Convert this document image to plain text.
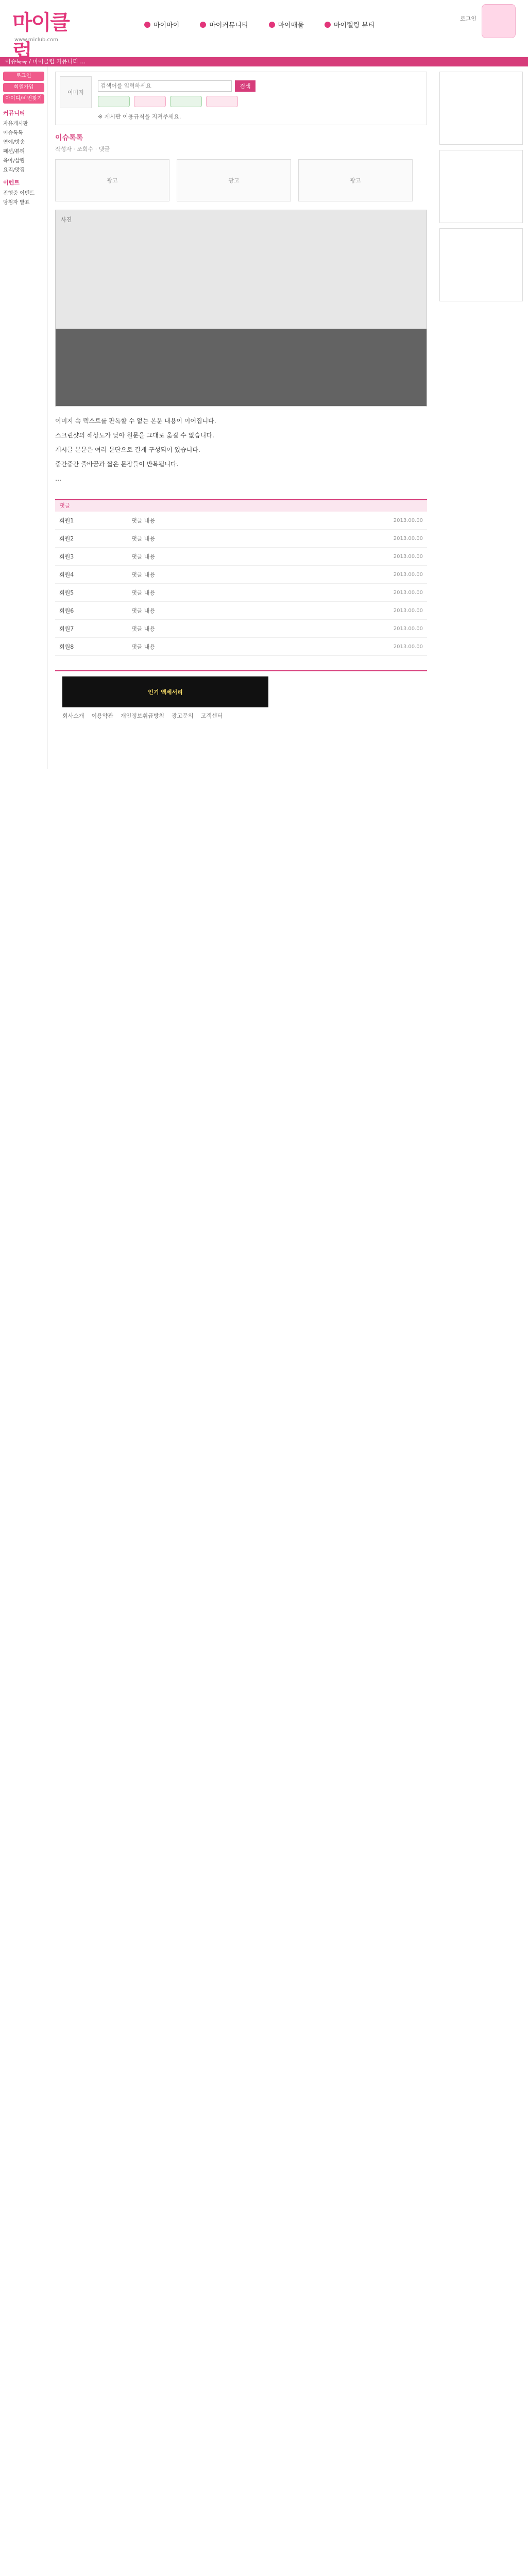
마이클럽
www.miclub.com
마이마이	마이커뮤니티	마이매물	마이텔링 뷰티
로그인
이슈톡톡 / 마이클럽 커뮤니티 …
로그인
회원가입
아이디/비번찾기
커뮤니티
자유게시판
이슈톡톡
연예/방송
패션/뷰티
육아/살림
요리/맛집
이벤트
진행중 이벤트
당첨자 발표
이미지
검색어를 입력하세요
검색
※ 게시판 이용규칙을 지켜주세요.
이슈톡톡
작성자 · 조회수 · 댓글
광고	광고	광고
사진

이미지 속 텍스트를 판독할 수 없는 본문 내용이 이어집니다.

스크린샷의 해상도가 낮아 원문을 그대로 옮길 수 없습니다.

게시글 본문은 여러 문단으로 길게 구성되어 있습니다.

중간중간 줄바꿈과 짧은 문장들이 반복됩니다.

…

댓글
회원1	댓글 내용	2013.00.00
회원2	댓글 내용	2013.00.00
회원3	댓글 내용	2013.00.00
회원4	댓글 내용	2013.00.00
회원5	댓글 내용	2013.00.00
회원6	댓글 내용	2013.00.00
회원7	댓글 내용	2013.00.00
회원8	댓글 내용	2013.00.00
인기 액세서리
회사소개 이용약관 개인정보취급방침 광고문의 고객센터
